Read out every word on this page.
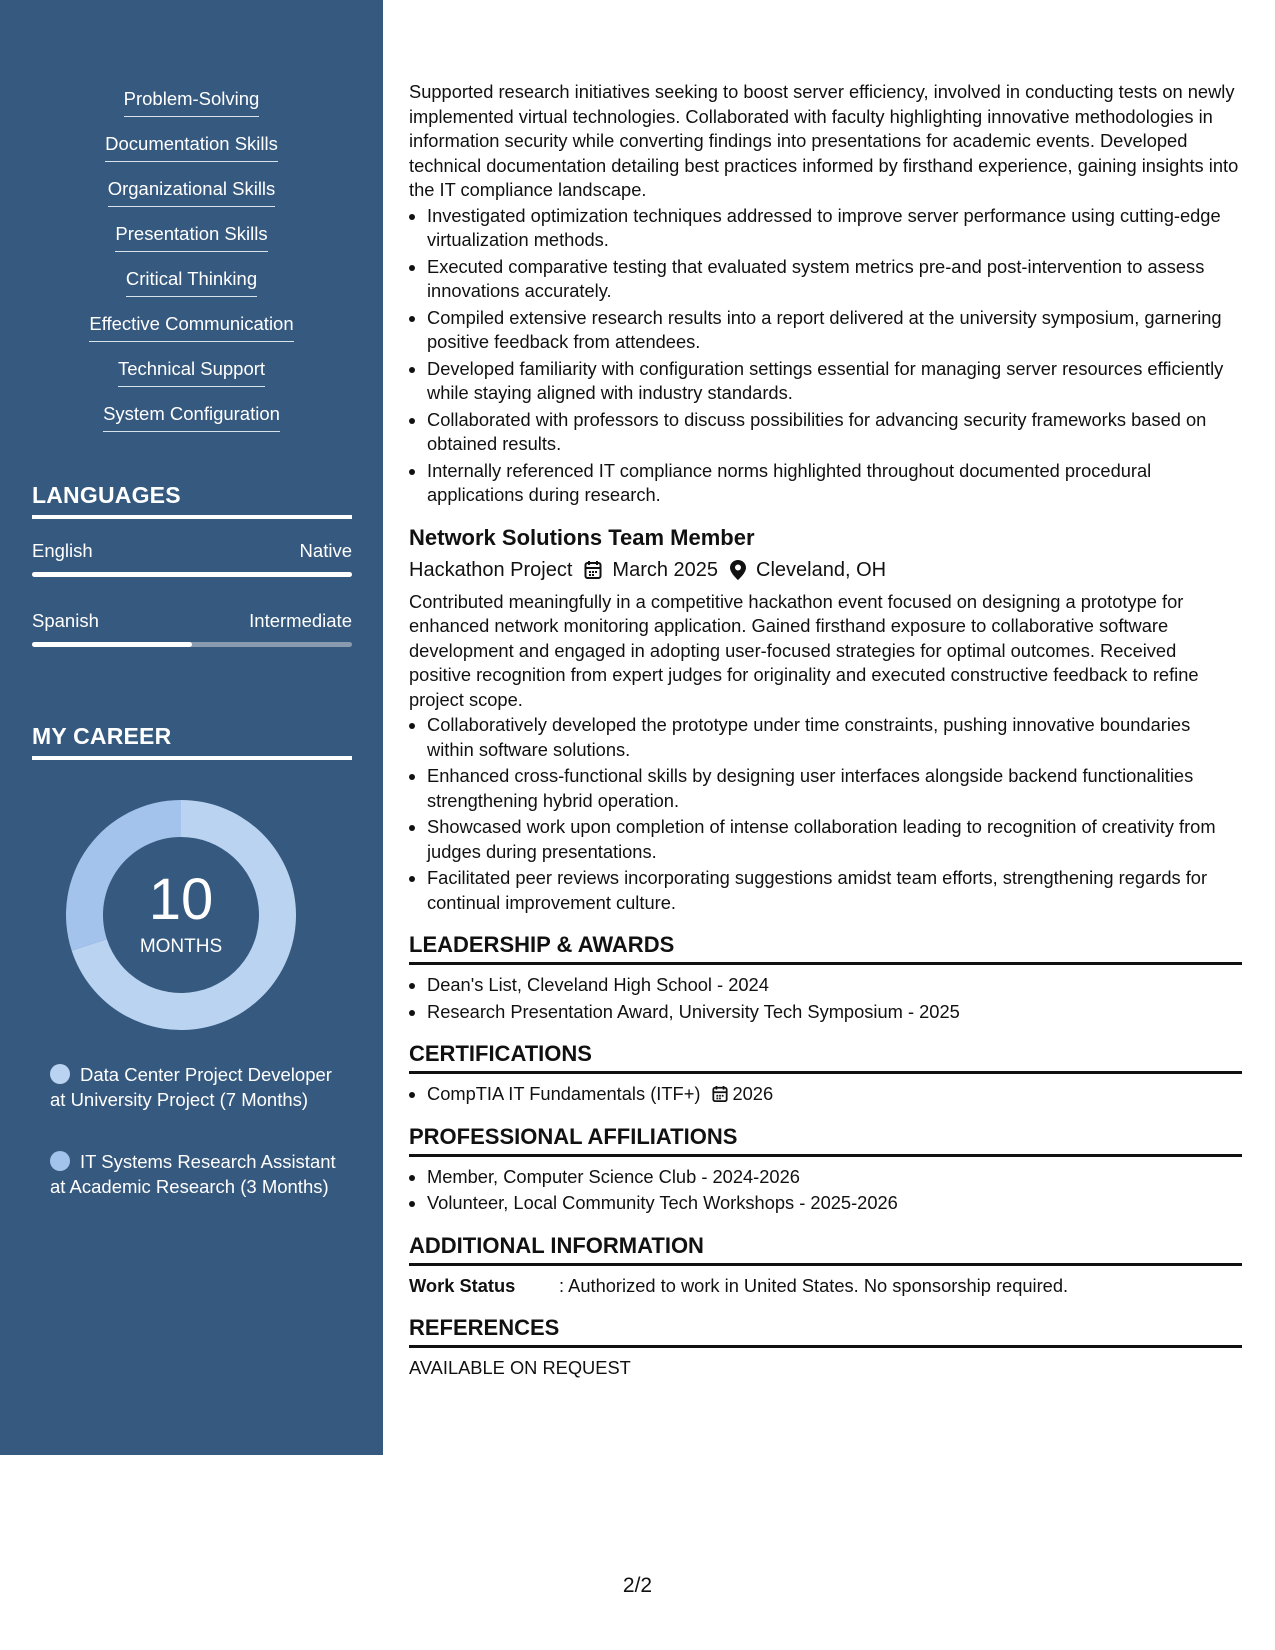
Problem-Solving
Documentation Skills
Organizational Skills
Presentation Skills
Critical Thinking
Effective Communication
Technical Support
System Configuration
LANGUAGES
English	Native
Spanish	Intermediate
MY CAREER
10
MONTHS
Data Center Project Developer at University Project (7 Months)
IT Systems Research Assistant at Academic Research (3 Months)

Supported research initiatives seeking to boost server efficiency, involved in conducting tests on newly implemented virtual technologies. Collaborated with faculty highlighting innovative methodologies in information security while converting findings into presentations for academic events. Developed technical documentation detailing best practices informed by firsthand experience, gaining insights into the IT compliance landscape.

• Investigated optimization techniques addressed to improve server performance using cutting-edge virtualization methods.
• Executed comparative testing that evaluated system metrics pre-and post-intervention to assess innovations accurately.
• Compiled extensive research results into a report delivered at the university symposium, garnering positive feedback from attendees.
• Developed familiarity with configuration settings essential for managing server resources efficiently while staying aligned with industry standards.
• Collaborated with professors to discuss possibilities for advancing security frameworks based on obtained results.
• Internally referenced IT compliance norms highlighted throughout documented procedural applications during research.
Network Solutions Team Member
Hackathon Project March 2025 Cleveland, OH

Contributed meaningfully in a competitive hackathon event focused on designing a prototype for enhanced network monitoring application. Gained firsthand exposure to collaborative software development and engaged in adopting user-focused strategies for optimal outcomes. Received positive recognition from expert judges for originality and executed constructive feedback to refine project scope.

• Collaboratively developed the prototype under time constraints, pushing innovative boundaries within software solutions.
• Enhanced cross-functional skills by designing user interfaces alongside backend functionalities strengthening hybrid operation.
• Showcased work upon completion of intense collaboration leading to recognition of creativity from judges during presentations.
• Facilitated peer reviews incorporating suggestions amidst team efforts, strengthening regards for continual improvement culture.
LEADERSHIP & AWARDS
• Dean's List, Cleveland High School - 2024
• Research Presentation Award, University Tech Symposium - 2025
CERTIFICATIONS
• CompTIA IT Fundamentals (ITF+) 2026
PROFESSIONAL AFFILIATIONS
• Member, Computer Science Club - 2024-2026
• Volunteer, Local Community Tech Workshops - 2025-2026
ADDITIONAL INFORMATION
Work Status	: Authorized to work in United States. No sponsorship required.
REFERENCES
AVAILABLE ON REQUEST
2/2
